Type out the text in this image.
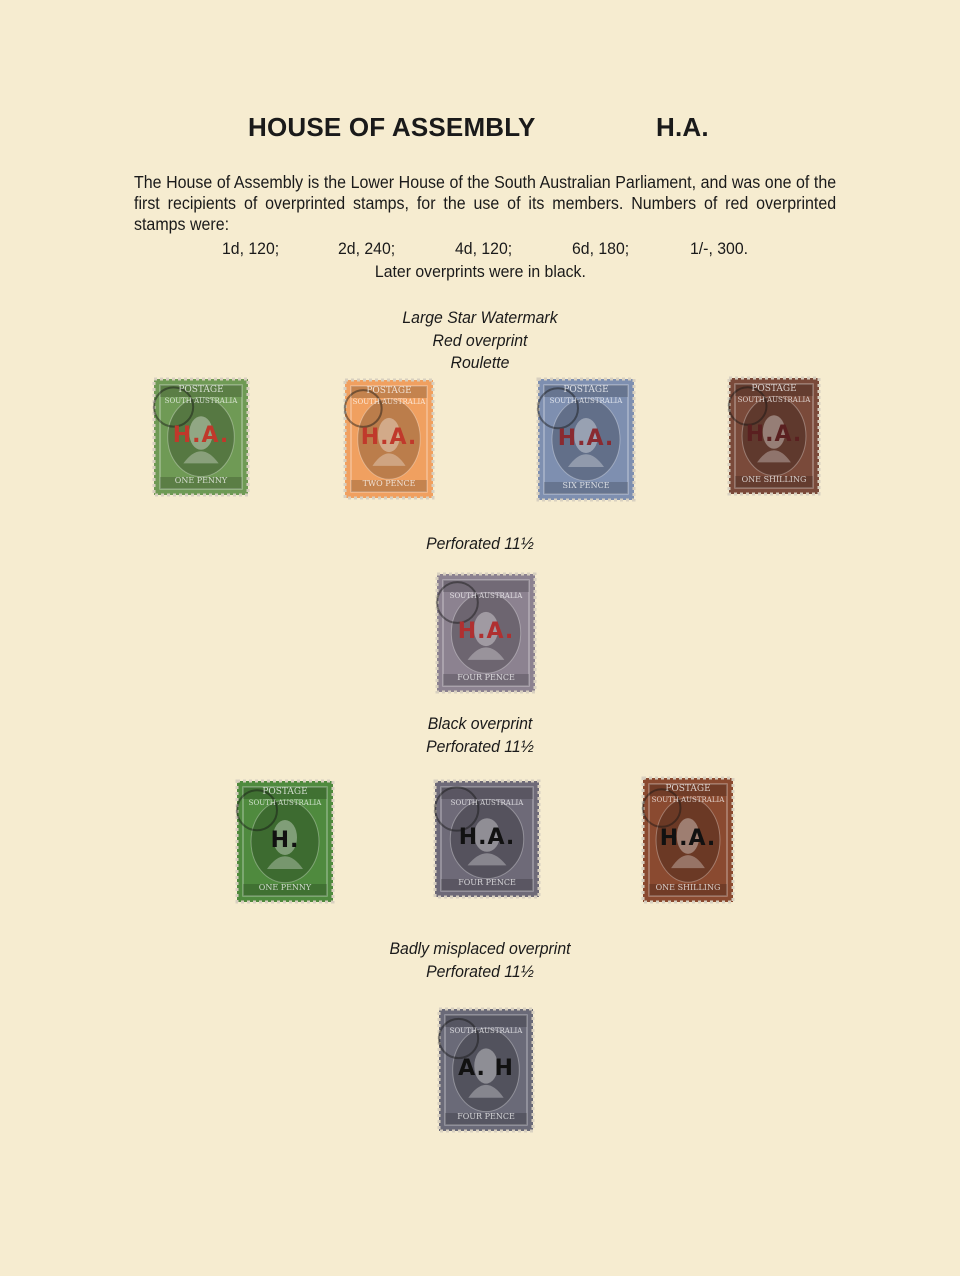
HOUSE OF ASSEMBLY	H.A.
The House of Assembly is the Lower House of the South Australian Parliament, and was one of the first recipients of overprinted stamps, for the use of its members. Numbers of red overprinted stamps were:
1d, 120;	2d, 240;	4d, 120;	6d, 180;	1/-, 300.
Later overprints were in black.
Large Star Watermark
Red overprint
Roulette
POSTAGE
SOUTH AUSTRALIA
ONE PENNY
H.A.
POSTAGE
SOUTH AUSTRALIA
TWO PENCE
H.A.
POSTAGE
SOUTH AUSTRALIA
SIX PENCE
H.A.
POSTAGE
SOUTH AUSTRALIA
ONE SHILLING
H.A.
Perforated 11½
SOUTH AUSTRALIA
FOUR PENCE
H.A.
Black overprint
Perforated 11½
POSTAGE
SOUTH AUSTRALIA
ONE PENNY
H.
SOUTH AUSTRALIA
FOUR PENCE
H.A.
POSTAGE
SOUTH AUSTRALIA
ONE SHILLING
H.A.
Badly misplaced overprint
Perforated 11½
SOUTH AUSTRALIA
FOUR PENCE
A. H
